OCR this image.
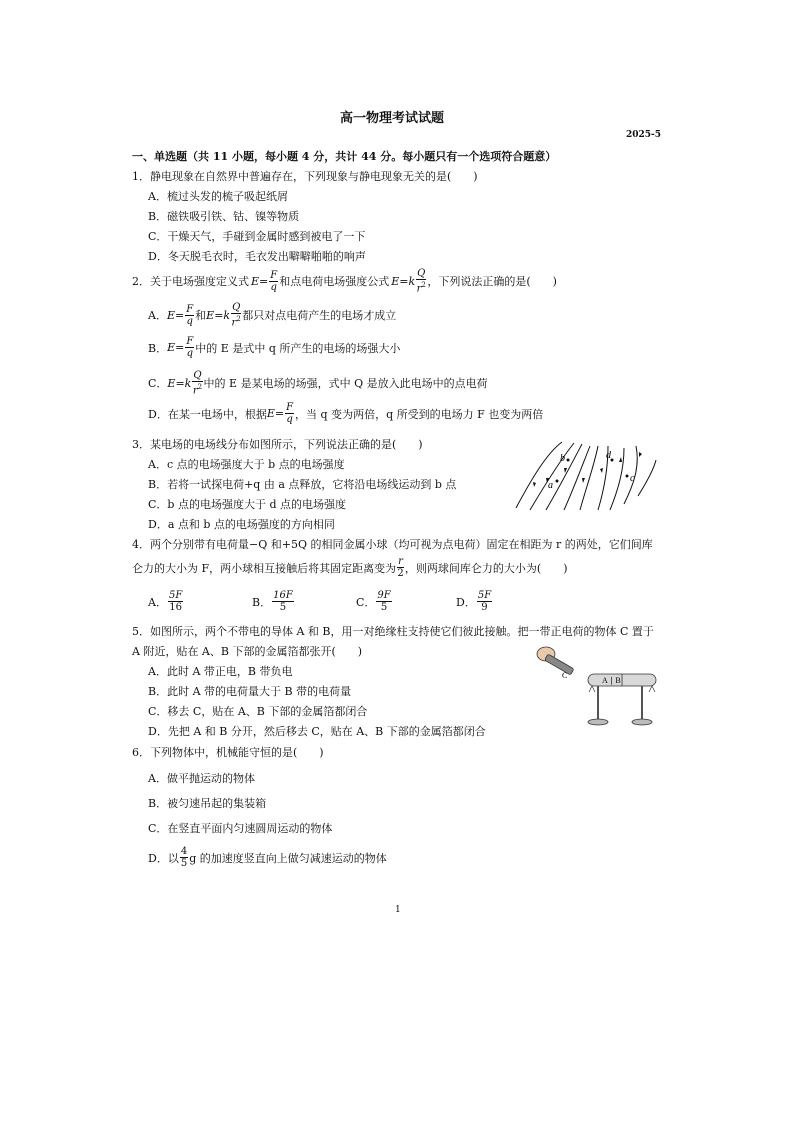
高一物理考试试题
2025-5
一、单选题（共 11 小题，每小题 4 分，共计 44 分。每小题只有一个选项符合题意）
1．静电现象在自然界中普遍存在，下列现象与静电现象无关的是(　　)
A．梳过头发的梳子吸起纸屑
B．磁铁吸引铁、钴、镍等物质
C．干燥天气，手碰到金属时感到被电了一下
D．冬天脱毛衣时，毛衣发出噼噼啪啪的响声
2．关于电场强度定义式 $E= \frac{F}{q}$ 和点电荷电场强度公式 $E=k \frac{Q}{r^2}$ ，下列说法正确的是(　　)
A． $E= \frac{F}{q}$ 和 $E=k \frac{Q}{r^2}$ 都只对点电荷产生的电场才成立
B． $E= \frac{F}{q}$ 中的 E 是式中 q 所产生的电场的场强大小
C． $E=k \frac{Q}{r^2}$ 中的 E 是某电场的场强，式中 Q 是放入此电场中的点电荷
D．在某一电场中，根据 $E= \frac{F}{q}$ ，当 q 变为两倍，q 所受到的电场力 F 也变为两倍
3．某电场的电场线分布如图所示，下列说法正确的是(　　)
A．c 点的电场强度大于 b 点的电场强度
B．若将一试探电荷+q 由 a 点释放，它将沿电场线运动到 b 点
C．b 点的电场强度大于 d 点的电场强度
D．a 点和 b 点的电场强度的方向相同
a
b
c
d
4．两个分别带有电荷量−Q 和+5Q 的相同金属小球（均可视为点电荷）固定在相距为 r 的两处，它们间库
仑力的大小为 F，两小球相互接触后将其固定距离变为 $\frac{r}{2}$ ，则两球间库仑力的大小为(　　)
A． $\frac{5F}{16}$	B． $\frac{16F}{5}$	C． $\frac{9F}{5}$	D． $\frac{5F}{9}$
5．如图所示，两个不带电的导体 A 和 B，用一对绝缘柱支持使它们彼此接触。把一带正电荷的物体 C 置于
A 附近，贴在 A、B 下部的金属箔都张开(　　)
A．此时 A 带正电，B 带负电
B．此时 A 带的电荷量大于 B 带的电荷量
C．移去 C，贴在 A、B 下部的金属箔都闭合
D．先把 A 和 B 分开，然后移去 C，贴在 A、B 下部的金属箔都闭合
C
A ∣ B
6．下列物体中，机械能守恒的是(　　)
A．做平抛运动的物体
B．被匀速吊起的集装箱
C．在竖直平面内匀速圆周运动的物体
D．以 $\frac{4}{5}$ g 的加速度竖直向上做匀减速运动的物体
1
